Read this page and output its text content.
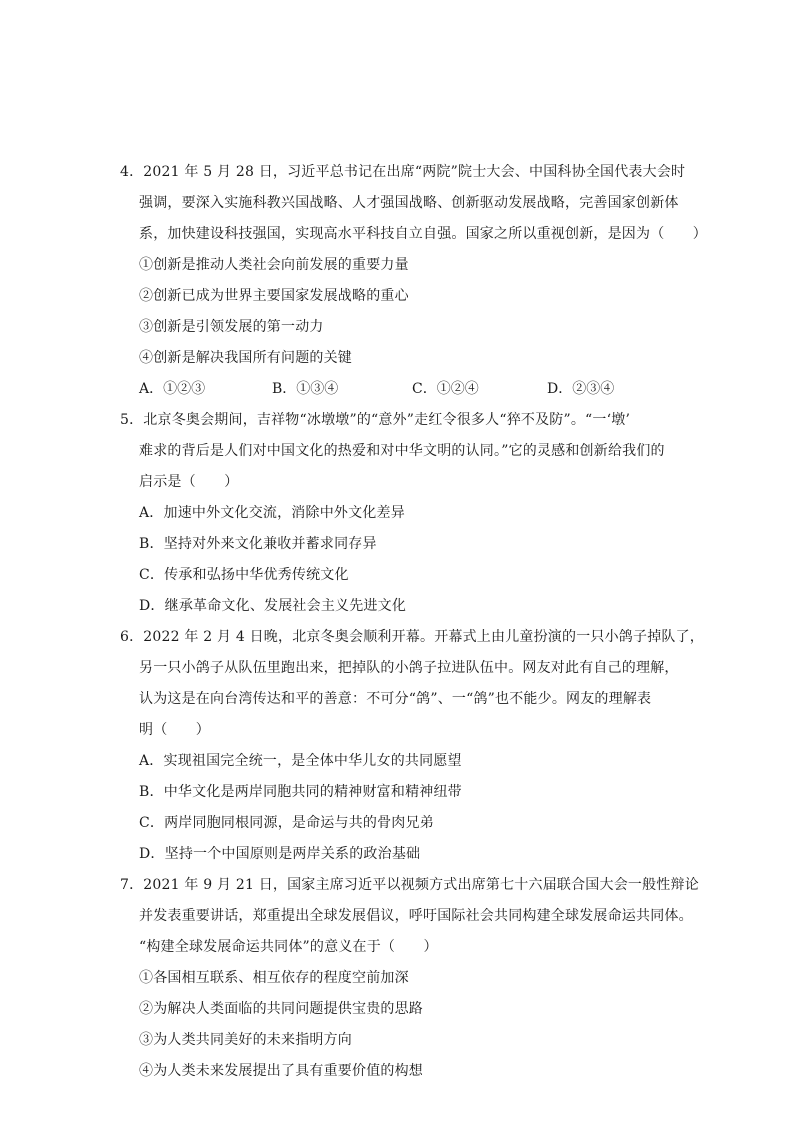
4．2021 年 5 月 28 日，习近平总书记在出席“两院”院士大会、中国科协全国代表大会时
强调，要深入实施科教兴国战略、人才强国战略、创新驱动发展战略，完善国家创新体
系，加快建设科技强国，实现高水平科技自立自强。国家之所以重视创新，是因为（　　）
①创新是推动人类社会向前发展的重要力量
②创新已成为世界主要国家发展战略的重心
③创新是引领发展的第一动力
④创新是解决我国所有问题的关键
A．①②③	B．①③④	C．①②④	D．②③④
5．北京冬奥会期间，吉祥物“冰墩墩”的“意外”走红令很多人“猝不及防”。“一‘墩’
难求的背后是人们对中国文化的热爱和对中华文明的认同。”它的灵感和创新给我们的
启示是（　　）
A．加速中外文化交流，消除中外文化差异
B．坚持对外来文化兼收并蓄求同存异
C．传承和弘扬中华优秀传统文化
D．继承革命文化、发展社会主义先进文化
6．2022 年 2 月 4 日晚，北京冬奥会顺利开幕。开幕式上由儿童扮演的一只小鸽子掉队了，
另一只小鸽子从队伍里跑出来，把掉队的小鸽子拉进队伍中。网友对此有自己的理解，
认为这是在向台湾传达和平的善意：不可分“鸽”、一“鸽”也不能少。网友的理解表
明（　　）
A．实现祖国完全统一，是全体中华儿女的共同愿望
B．中华文化是两岸同胞共同的精神财富和精神纽带
C．两岸同胞同根同源，是命运与共的骨肉兄弟
D．坚持一个中国原则是两岸关系的政治基础
7．2021 年 9 月 21 日，国家主席习近平以视频方式出席第七十六届联合国大会一般性辩论
并发表重要讲话，郑重提出全球发展倡议，呼吁国际社会共同构建全球发展命运共同体。
“构建全球发展命运共同体”的意义在于（　　）
①各国相互联系、相互依存的程度空前加深
②为解决人类面临的共同问题提供宝贵的思路
③为人类共同美好的未来指明方向
④为人类未来发展提出了具有重要价值的构想
